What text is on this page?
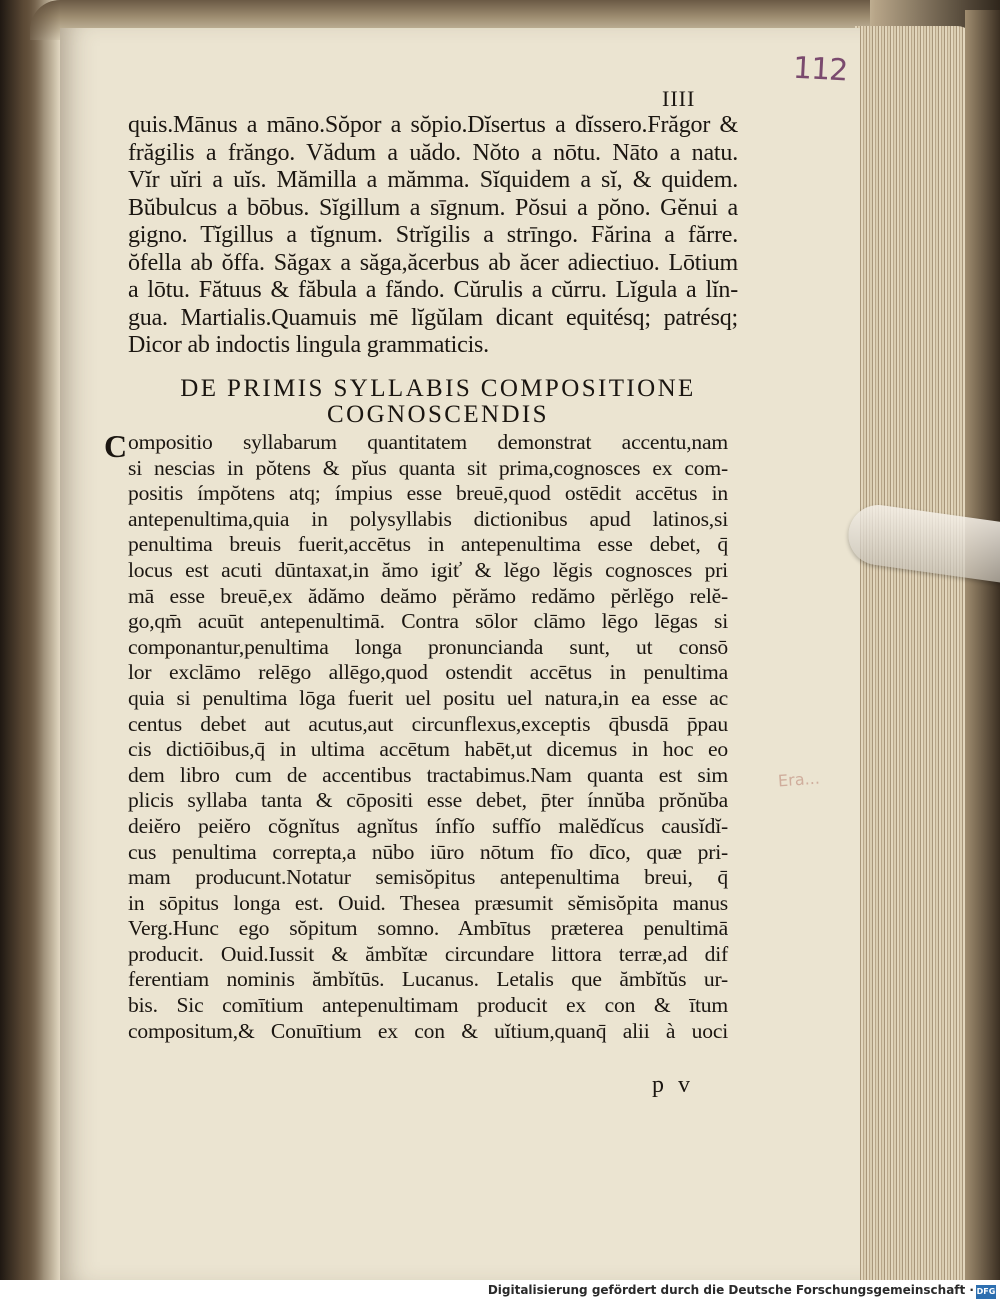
112
IIII
quis.Mānus a māno.Sŏpor a sŏpio.Dĭsertus a dĭssero.Frăgor &
frăgilis a frăngo. Vădum a uădo. Nŏto a nōtu. Nāto a natu.
Vĭr uĭri a uĭs. Mămilla a mămma. Sĭquidem a sĭ, & quidem.
Bŭbulcus a bōbus. Sĭgillum a sīgnum. Pŏsui a pŏno. Gĕnui a
gigno. Tĭgillus a tĭgnum. Strĭgilis a strīngo. Fărina a fărre.
ŏfella ab ŏffa. Săgax a săga,ăcerbus ab ăcer adiectiuo. Lōtium
a lōtu. Fătuus & făbula a făndo. Cŭrulis a cŭrru. Lĭgula a lĭn-
gua. Martialis.Quamuis mē lĭgŭlam dicant equitésq; patrésq;
Dicor ab indoctis lingula grammaticis.
DE PRIMIS SYLLABIS COMPOSITIONE
COGNOSCENDIS
C ompositio syllabarum quantitatem demonstrat accentu,nam
si nescias in pŏtens & pĭus quanta sit prima,cognosces ex com-
positis ímpŏtens atq; ímpius esse breuē,quod ostēdit accētus in
antepenultima,quia in polysyllabis dictionibus apud latinos,si
penultima breuis fuerit,accētus in antepenultima esse debet, q̄
locus est acuti dūntaxat,in ămo igiť & lĕgo lĕgis cognosces pri
mā esse breuē,ex ădămo deămo pĕrămo redămo pĕrlĕgo relĕ-
go,qm̄ acuūt antepenultimā. Contra sōlor clāmo lēgo lēgas si
componantur,penultima longa pronuncianda sunt, ut consō
lor exclāmo relēgo allēgo,quod ostendit accētus in penultima
quia si penultima lōga fuerit uel positu uel natura,in ea esse ac
centus debet aut acutus,aut circunflexus,exceptis q̄busdā p̄pau
cis dictiōibus,q̄ in ultima accētum habēt,ut dicemus in hoc eo
dem libro cum de accentibus tractabimus.Nam quanta est sim
plicis syllaba tanta & cōpositi esse debet, p̄ter ínnŭba prŏnŭba
deiĕro peiĕro cŏgnĭtus agnĭtus ínfĭo suffĭo malĕdĭcus causĭdĭ-
cus penultima correpta,a nūbo iūro nōtum fīo dīco, quæ pri-
mam producunt.Notatur semisŏpitus antepenultima breui, q̄
in sōpitus longa est. Ouid. Thesea præsumit sĕmisŏpita manus
Verg.Hunc ego sŏpitum somno. Ambītus præterea penultimā
producit. Ouid.Iussit & ămbĭtæ circundare littora terræ,ad dif
ferentiam nominis ămbĭtūs. Lucanus. Letalis que ămbĭtŭs ur-
bis. Sic comītium antepenultimam producit ex con & ītum
compositum,& Conuītium ex con & uĭtium,quanq̄ alii à uoci
p v
Era...
Digitalisierung gefördert durch die Deutsche Forschungsgemeinschaft · DFG
